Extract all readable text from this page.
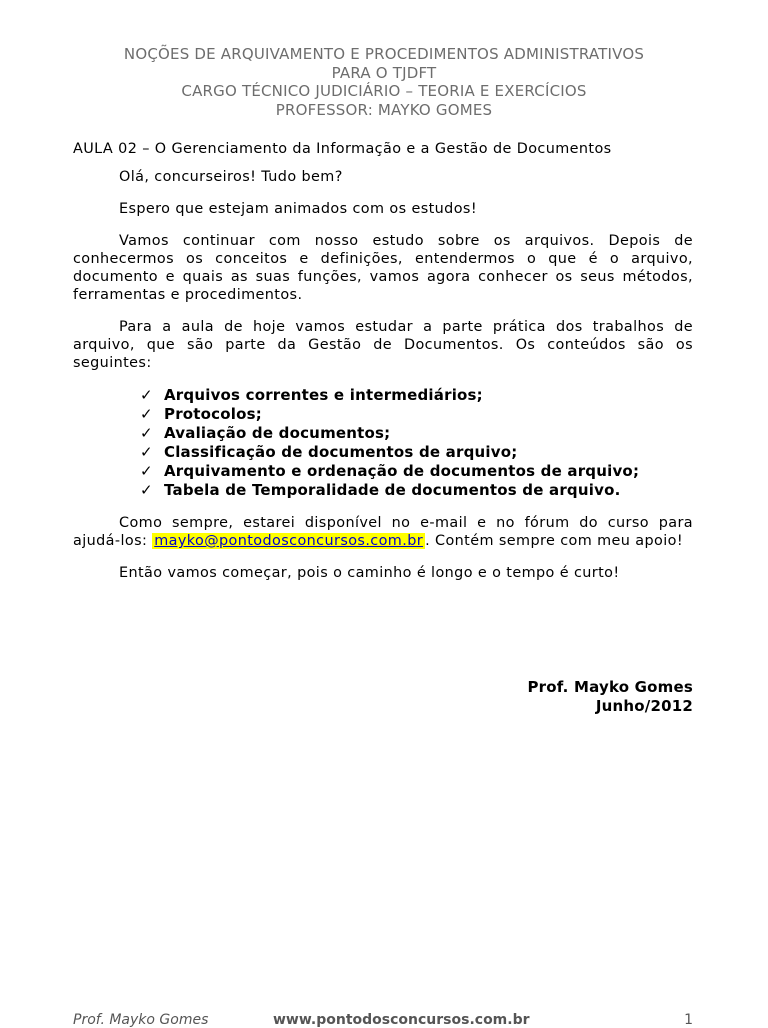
NOÇÕES DE ARQUIVAMENTO E PROCEDIMENTOS ADMINISTRATIVOS
PARA O TJDFT
CARGO TÉCNICO JUDICIÁRIO – TEORIA E EXERCÍCIOS
PROFESSOR: MAYKO GOMES

AULA 02 – O Gerenciamento da Informação e a Gestão de Documentos

Olá, concurseiros! Tudo bem?

Espero que estejam animados com os estudos!

Vamos continuar com nosso estudo sobre os arquivos. Depois de conhecermos os conceitos e definições, entendermos o que é o arquivo, documento e quais as suas funções, vamos agora conhecer os seus métodos, ferramentas e procedimentos.

Para a aula de hoje vamos estudar a parte prática dos trabalhos de arquivo, que são parte da Gestão de Documentos. Os conteúdos são os seguintes:

✓ Arquivos correntes e intermediários;
✓ Protocolos;
✓ Avaliação de documentos;
✓ Classificação de documentos de arquivo;
✓ Arquivamento e ordenação de documentos de arquivo;
✓ Tabela de Temporalidade de documentos de arquivo.

Como sempre, estarei disponível no e-mail e no fórum do curso para ajudá-los: mayko@pontodosconcursos.com.br . Contém sempre com meu apoio!

Então vamos começar, pois o caminho é longo e o tempo é curto!

Prof. Mayko Gomes
Junho/2012
Prof. Mayko Gomes	www.pontodosconcursos.com.br	1
